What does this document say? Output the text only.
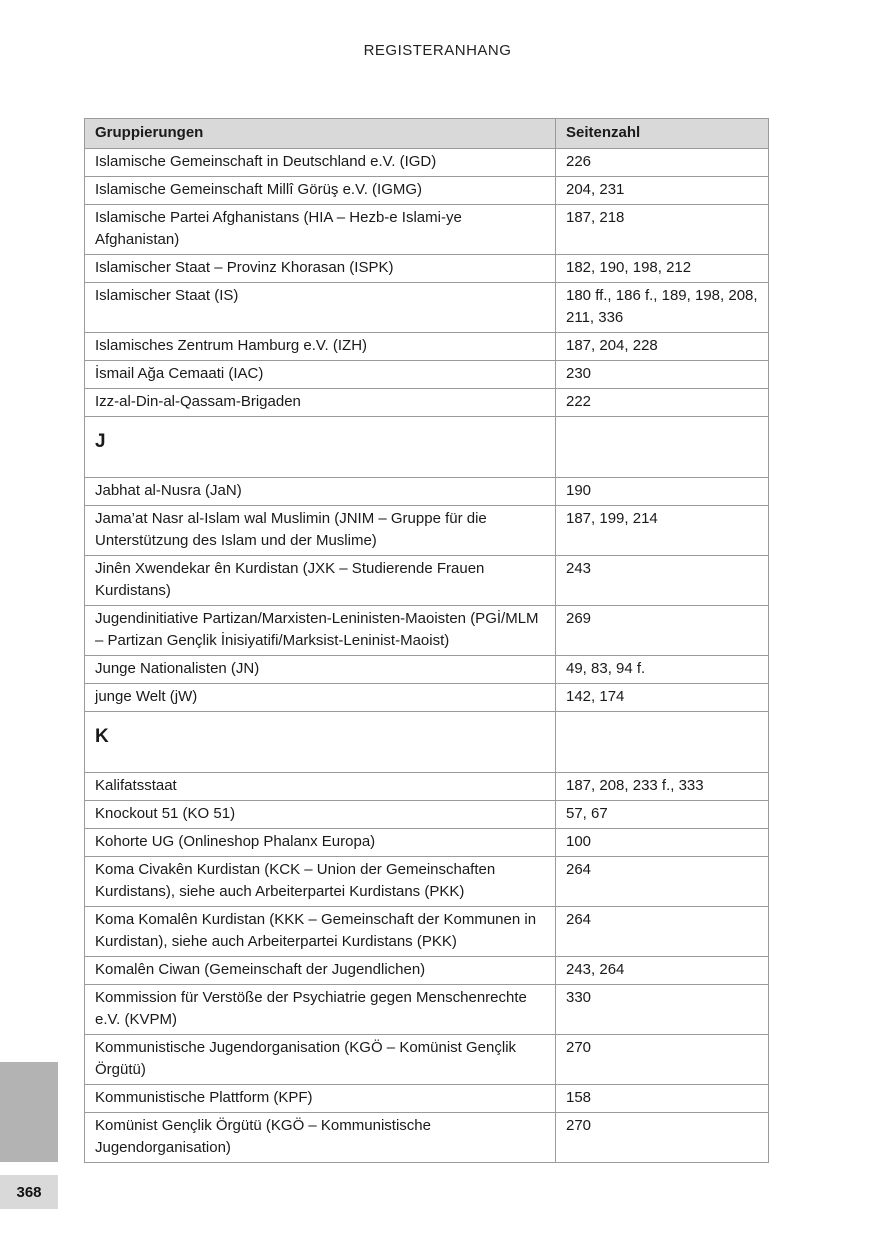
REGISTERANHANG
Gruppierungen	Seitenzahl
Islamische Gemeinschaft in Deutschland e.V. (IGD)	226
Islamische Gemeinschaft Millî Görüş e.V. (IGMG)	204, 231
Islamische Partei Afghanistans (HIA – Hezb-e Islami-ye Afghanistan)	187, 218
Islamischer Staat – Provinz Khorasan (ISPK)	182, 190, 198, 212
Islamischer Staat (IS)	180 ff., 186 f., 189, 198, 208, 211, 336
Islamisches Zentrum Hamburg e.V. (IZH)	187, 204, 228
İsmail Ağa Cemaati (IAC)	230
Izz-al-Din-al-Qassam-Brigaden	222
J	
Jabhat al-Nusra (JaN)	190
Jama’at Nasr al-Islam wal Muslimin (JNIM – Gruppe für die Unterstützung des Islam und der Muslime)	187, 199, 214
Jinên Xwendekar ên Kurdistan (JXK – Studierende Frauen Kurdistans)	243
Jugendinitiative Partizan/Marxisten-Leninisten-Maoisten (PGİ/MLM – Partizan Gençlik İnisiyatifi/Marksist-Leninist-Maoist)	269
Junge Nationalisten (JN)	49, 83, 94 f.
junge Welt (jW)	142, 174
K	
Kalifatsstaat	187, 208, 233 f., 333
Knockout 51 (KO 51)	57, 67
Kohorte UG (Onlineshop Phalanx Europa)	100
Koma Civakên Kurdistan (KCK – Union der Gemeinschaften Kurdistans), siehe auch Arbeiterpartei Kurdistans (PKK)	264
Koma Komalên Kurdistan (KKK – Gemeinschaft der Kommunen in Kurdistan), siehe auch Arbeiterpartei Kurdistans (PKK)	264
Komalên Ciwan (Gemeinschaft der Jugendlichen)	243, 264
Kommission für Verstöße der Psychiatrie gegen Menschenrechte e.V. (KVPM)	330
Kommunistische Jugendorganisation (KGÖ – Komünist Gençlik Örgütü)	270
Kommunistische Plattform (KPF)	158
Komünist Gençlik Örgütü (KGÖ – Kommunistische Jugendorganisation)	270
368
